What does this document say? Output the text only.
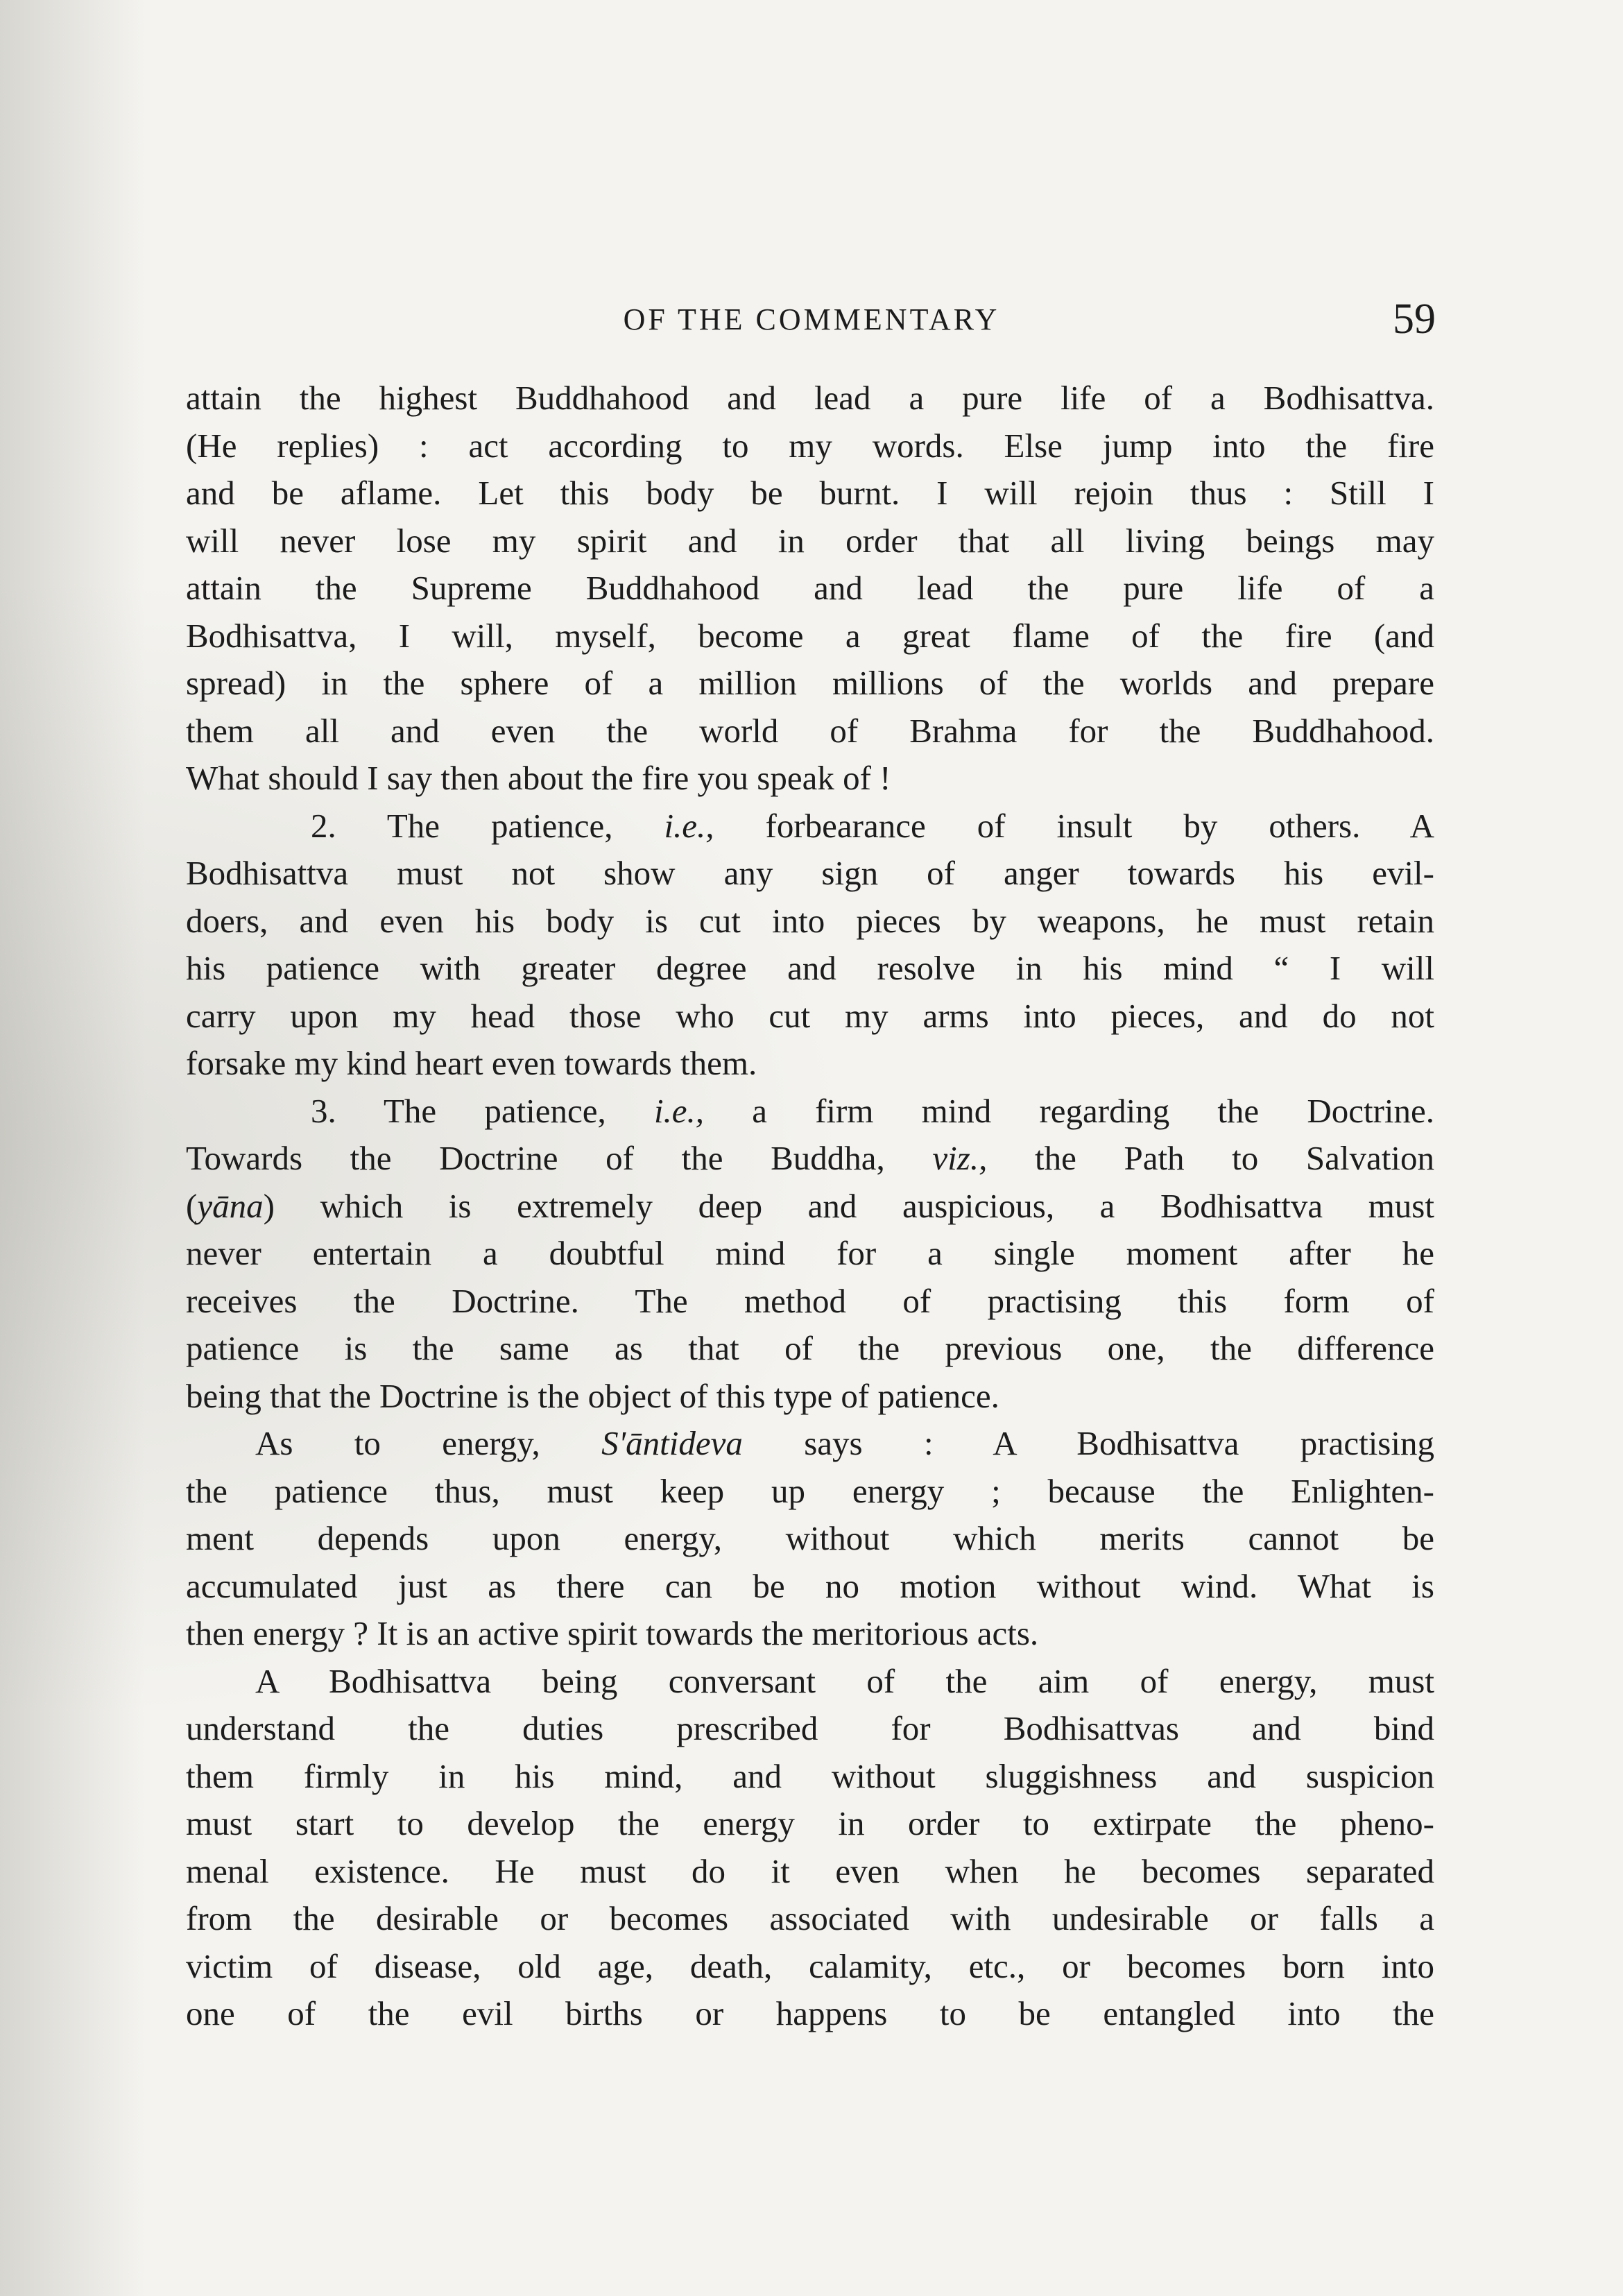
OF THE COMMENTARY	59
attain the highest Buddhahood and lead a pure life of a Bodhisattva.
(He replies) : act according to my words. Else jump into the fire
and be aflame. Let this body be burnt. I will rejoin thus : Still I
will never lose my spirit and in order that all living beings may
attain the Supreme Buddhahood and lead the pure life of a
Bodhisattva, I will, myself, become a great flame of the fire (and
spread) in the sphere of a million millions of the worlds and prepare
them all and even the world of Brahma for the Buddhahood.
What should I say then about the fire you speak of !
2. The patience, i.e., forbearance of insult by others. A
Bodhisattva must not show any sign of anger towards his evil-
doers, and even his body is cut into pieces by weapons, he must retain
his patience with greater degree and resolve in his mind “ I will
carry upon my head those who cut my arms into pieces, and do not
forsake my kind heart even towards them.
3. The patience, i.e., a firm mind regarding the Doctrine.
Towards the Doctrine of the Buddha, viz., the Path to Salvation
(yāna) which is extremely deep and auspicious, a Bodhisattva must
never entertain a doubtful mind for a single moment after he
receives the Doctrine. The method of practising this form of
patience is the same as that of the previous one, the difference
being that the Doctrine is the object of this type of patience.
As to energy, S'āntideva says : A Bodhisattva practising
the patience thus, must keep up energy ; because the Enlighten-
ment depends upon energy, without which merits cannot be
accumulated just as there can be no motion without wind. What is
then energy ? It is an active spirit towards the meritorious acts.
A Bodhisattva being conversant of the aim of energy, must
understand the duties prescribed for Bodhisattvas and bind
them firmly in his mind, and without sluggishness and suspicion
must start to develop the energy in order to extirpate the pheno-
menal existence. He must do it even when he becomes separated
from the desirable or becomes associated with undesirable or falls a
victim of disease, old age, death, calamity, etc., or becomes born into
one of the evil births or happens to be entangled into the
